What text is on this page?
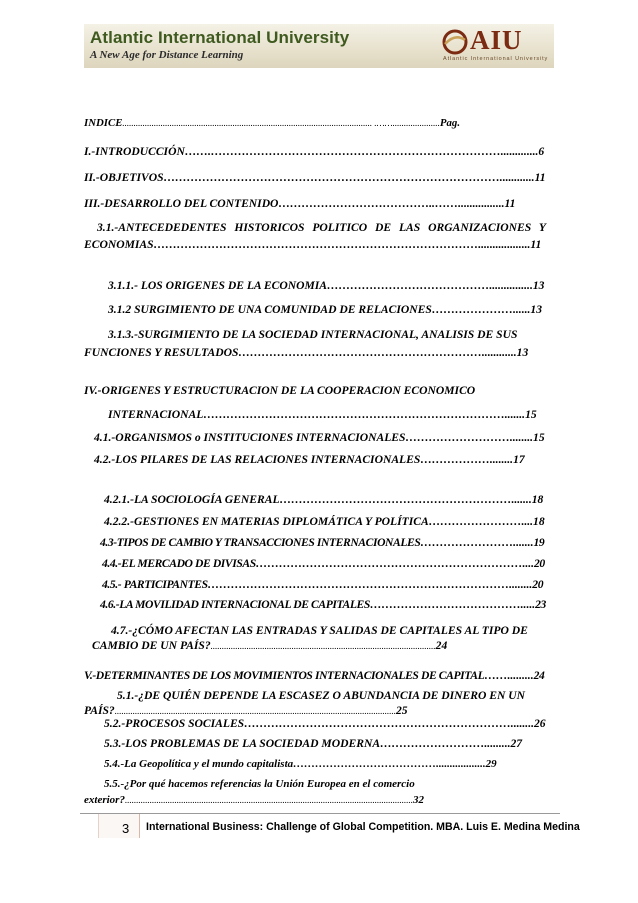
Atlantic International University
A New Age for Distance Learning	AIU
Atlantic International University
INDICE............................................................................................................... .…….....................Pag.
I.-INTRODUCCIÓN…….………………………………………………………………….............6
II.-OBJETIVOS……………………………………………………………………………............11
III.-DESARROLLO DEL CONTENIDO…………………………………..……................11
3.1.-ANTECEDEDENTES HISTORICOS POLITICO DE LAS ORGANIZACIONES Y
ECONOMIAS…………………………………………………………………………..................11
3.1.1.- LOS ORIGENES DE LA ECONOMIA……………………………………...............13
3.1.2 SURGIMIENTO DE UNA COMUNIDAD DE RELACIONES…………………......13
3.1.3.-SURGIMIENTO DE LA SOCIEDAD INTERNACIONAL, ANALISIS DE SUS
FUNCIONES Y RESULTADOS………………………………………………………............13
IV.-ORIGENES Y ESTRUCTURACION DE LA COOPERACION ECONOMICO
INTERNACIONAL…………………………………………………………………….......15
4.1.-ORGANISMOS o INSTITUCIONES INTERNACIONALES………………………........15
4.2.-LOS PILARES DE LAS RELACIONES INTERNACIONALES………………........17
4.2.1.-LA SOCIOLOGÍA GENERAL…………………………………………………….......18
4.2.2.-GESTIONES EN MATERIAS DIPLOMÁTICA Y POLÍTICA……………………....18
4.3-TIPOS DE CAMBIO Y TRANSACCIONES INTERNACIONALES…………………….......19
4.4.-EL MERCADO DE DIVISAS……………………………………………………………....20
4.5.- PARTICIPANTES……………………………………………………………………........20
4.6.-LA MOVILIDAD INTERNACIONAL DE CAPITALES………………………………….....23
4.7.-¿CÓMO AFECTAN LAS ENTRADAS Y SALIDAS DE CAPITALES AL TIPO DE
CAMBIO DE UN PAÍS?....................................................................................................24
V.-DETERMINANTES DE LOS MOVIMIENTOS INTERNACIONALES DE CAPITAL…….........24
5.1.-¿DE QUIÉN DEPENDE LA ESCASEZ O ABUNDANCIA DE DINERO EN UN
PAÍS?.............................................................................................................................25
5.2.-PROCESOS SOCIALES……………………………………………………………........26
5.3.-LOS PROBLEMAS DE LA SOCIEDAD MODERNA……………………….........27
5.4.-La Geopolítica y el mundo capitalista…………………………………..................29
5.5.-¿Por qué hacemos referencias la Unión Europea en el comercio
exterior?................................................................................................................................32
3 International Business: Challenge of Global Competition. MBA. Luis E. Medina Medina
